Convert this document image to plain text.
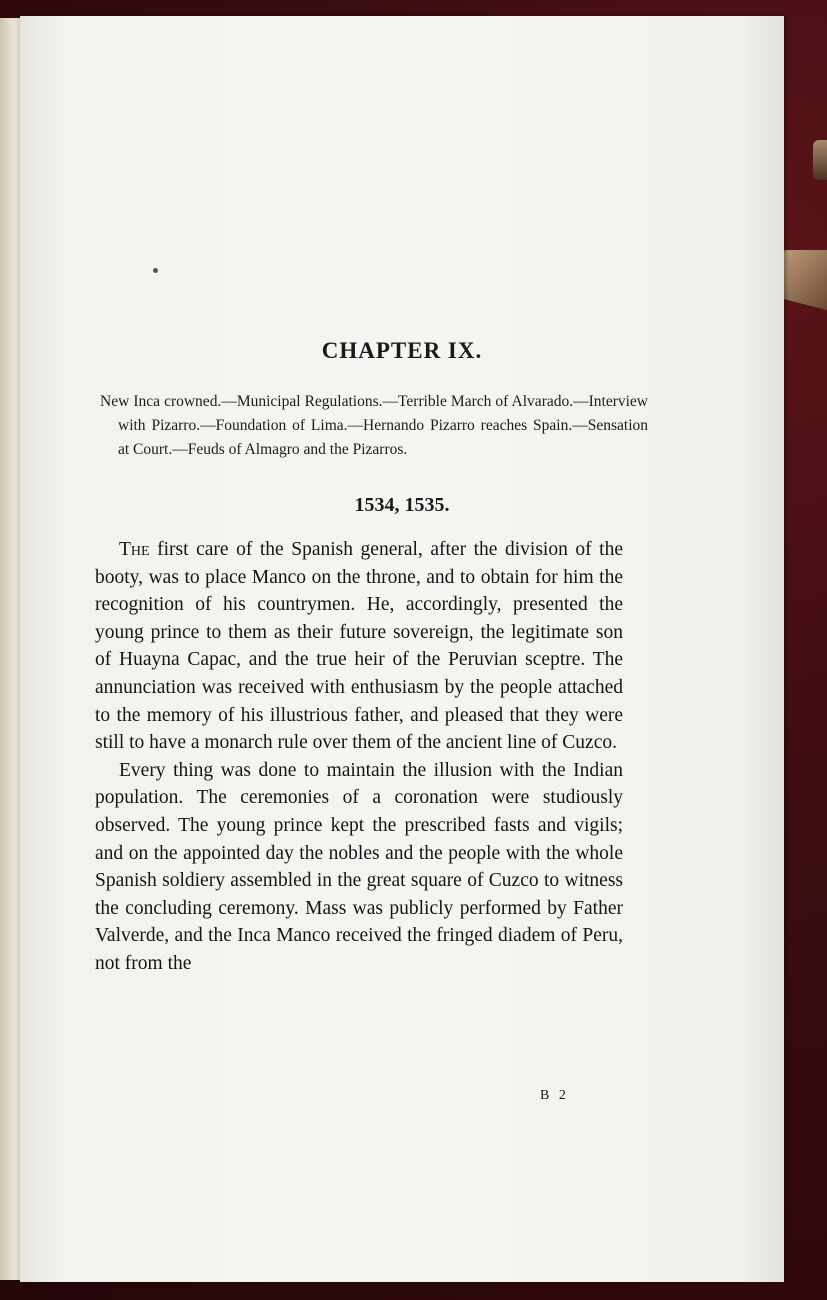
CHAPTER IX.

New Inca crowned.—Municipal Regulations.—Terrible March of Alvarado.—Interview with Pizarro.—Foundation of Lima.—Hernando Pizarro reaches Spain.—Sensation at Court.—Feuds of Almagro and the Pizarros.

1534, 1535.

The first care of the Spanish general, after the division of the booty, was to place Manco on the throne, and to obtain for him the recognition of his countrymen. He, accordingly, presented the young prince to them as their future sovereign, the legitimate son of Huayna Capac, and the true heir of the Peruvian sceptre. The annunciation was received with enthusiasm by the people attached to the memory of his illustrious father, and pleased that they were still to have a monarch rule over them of the ancient line of Cuzco.

Every thing was done to maintain the illusion with the Indian population. The ceremonies of a coronation were studiously observed. The young prince kept the prescribed fasts and vigils; and on the appointed day the nobles and the people with the whole Spanish soldiery assembled in the great square of Cuzco to witness the concluding ceremony. Mass was publicly performed by Father Valverde, and the Inca Manco received the fringed diadem of Peru, not from the

B 2
